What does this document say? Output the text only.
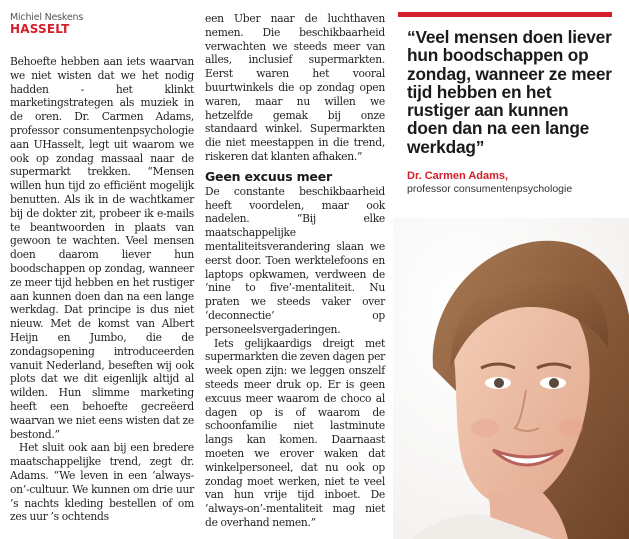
Michiel Neskens
HASSELT

Behoefte hebben aan iets waarvan we niet wisten dat we het nodig hadden - het klinkt marketingstrategen als muziek in de oren. Dr. Carmen Adams, professor consumentenpsychologie aan UHasselt, legt uit waarom we ook op zondag massaal naar de supermarkt trekken. “Mensen willen hun tijd zo efficiënt mogelijk benutten. Als ik in de wachtkamer bij de dokter zit, probeer ik e-mails te beantwoorden in plaats van gewoon te wachten. Veel mensen doen daarom liever hun boodschappen op zondag, wanneer ze meer tijd hebben en het rustiger aan kunnen doen dan na een lange werkdag. Dat principe is dus niet nieuw. Met de komst van Albert Heijn en Jumbo, die de zondagsopening introduceerden vanuit Nederland, beseften wij ook plots dat we dit eigenlijk altijd al wilden. Hun slimme marketing heeft een behoefte gecreëerd waarvan we niet eens wisten dat ze bestond.”

Het sluit ook aan bij een bredere maatschappelijke trend, zegt dr. Adams. “We leven in een ‘always-on’-cultuur. We kunnen om drie uur ’s nachts kleding bestellen of om zes uur ’s ochtends

een Uber naar de luchthaven nemen. Die beschikbaarheid verwachten we steeds meer van alles, inclusief supermarkten. Eerst waren het vooral buurtwinkels die op zondag open waren, maar nu willen we hetzelfde gemak bij onze standaard winkel. Supermarkten die niet meestappen in die trend, riskeren dat klanten afhaken.”

Geen excuus meer

De constante beschikbaarheid heeft voordelen, maar ook nadelen. “Bij elke maatschappelijke mentaliteitsverandering slaan we eerst door. Toen werktelefoons en laptops opkwamen, verdween de ‘nine to five’-mentaliteit. Nu praten we steeds vaker over ‘deconnectie’ op personeelsvergaderingen.

Iets gelijkaardigs dreigt met supermarkten die zeven dagen per week open zijn: we leggen onszelf steeds meer druk op. Er is geen excuus meer waarom de choco al dagen op is of waarom de schoonfamilie niet lastminute langs kan komen. Daarnaast moeten we erover waken dat winkelpersoneel, dat nu ook op zondag moet werken, niet te veel van hun vrije tijd inboet. De ‘always-on’-mentaliteit mag niet de overhand nemen.”

“Veel mensen doen liever hun boodschappen op zondag, wanneer ze meer tijd hebben en het rustiger aan kunnen doen dan na een lange werkdag”
Dr. Carmen Adams,
professor consumentenpsychologie
